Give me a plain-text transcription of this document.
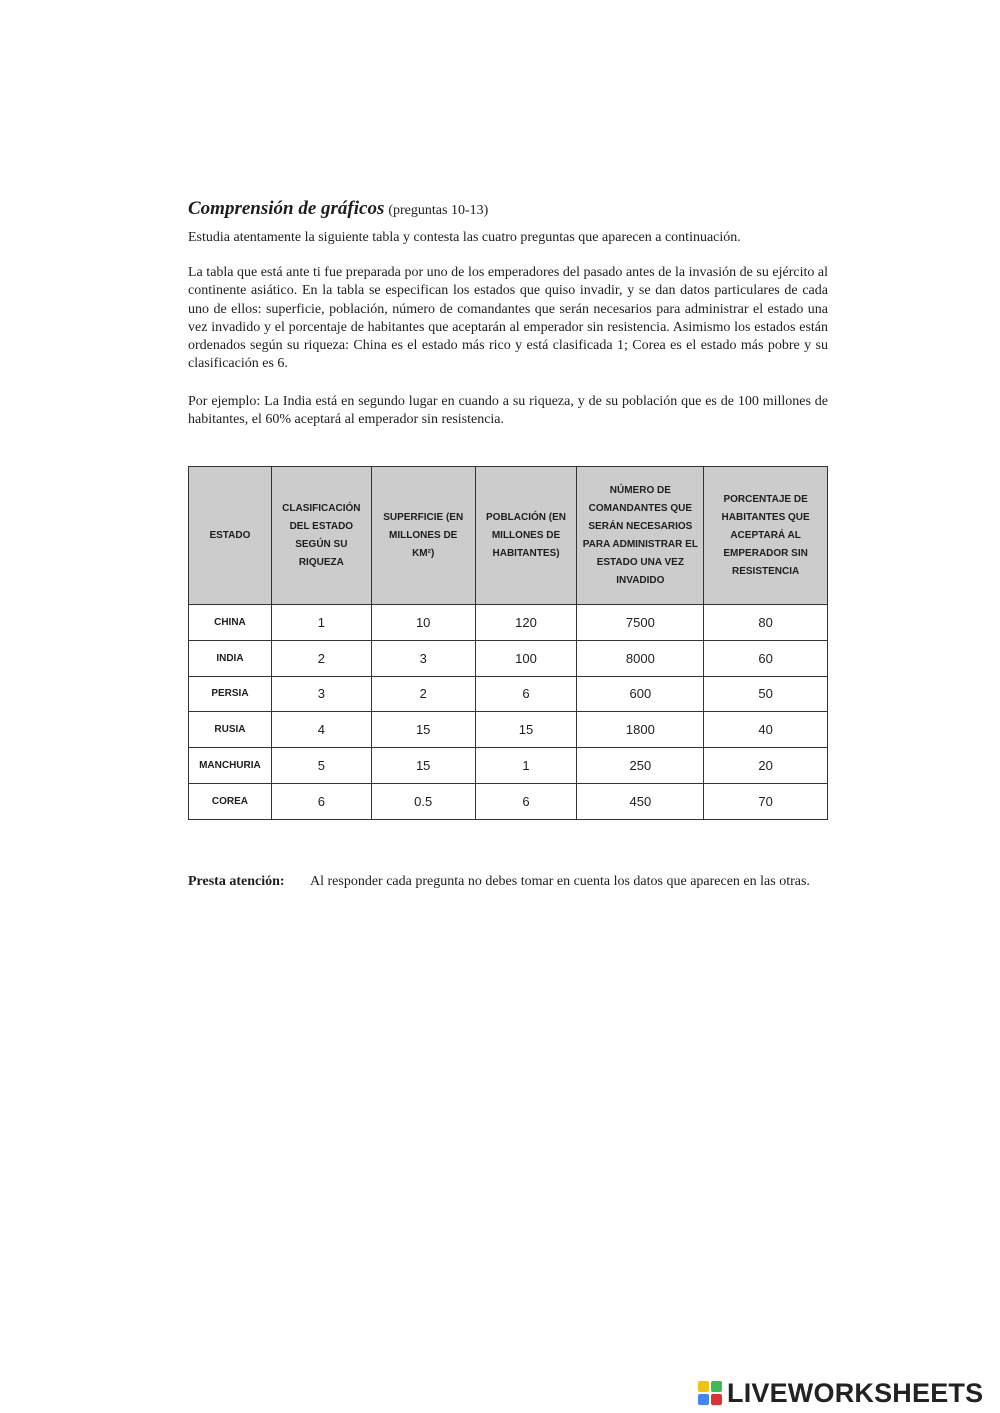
Comprensión de gráficos (preguntas 10-13)

Estudia atentamente la siguiente tabla y contesta las cuatro preguntas que aparecen a continuación.

La tabla que está ante ti fue preparada por uno de los emperadores del pasado antes de la invasión de su ejército al continente asiático. En la tabla se especifican los estados que quiso invadir, y se dan datos particulares de cada uno de ellos: superficie, población, número de comandantes que serán necesarios para administrar el estado una vez invadido y el porcentaje de habitantes que aceptarán al emperador sin resistencia. Asimismo los estados están ordenados según su riqueza: China es el estado más rico y está clasificada 1; Corea es el estado más pobre y su clasificación es 6.

Por ejemplo: La India está en segundo lugar en cuando a su riqueza, y de su población que es de 100 millones de habitantes, el 60% aceptará al emperador sin resistencia.

ESTADO	CLASIFICACIÓN DEL ESTADO SEGÚN SU RIQUEZA	SUPERFICIE (EN MILLONES DE KM²)	POBLACIÓN (EN MILLONES DE HABITANTES)	NÚMERO DE COMANDANTES QUE SERÁN NECESARIOS PARA ADMINISTRAR EL ESTADO UNA VEZ INVADIDO	PORCENTAJE DE HABITANTES QUE ACEPTARÁ AL EMPERADOR SIN RESISTENCIA
CHINA	1	10	120	7500	80
INDIA	2	3	100	8000	60
PERSIA	3	2	6	600	50
RUSIA	4	15	15	1800	40
MANCHURIA	5	15	1	250	20
COREA	6	0.5	6	450	70
Presta atención:	Al responder cada pregunta no debes tomar en cuenta los datos que aparecen en las otras.
LIVEWORKSHEETS
